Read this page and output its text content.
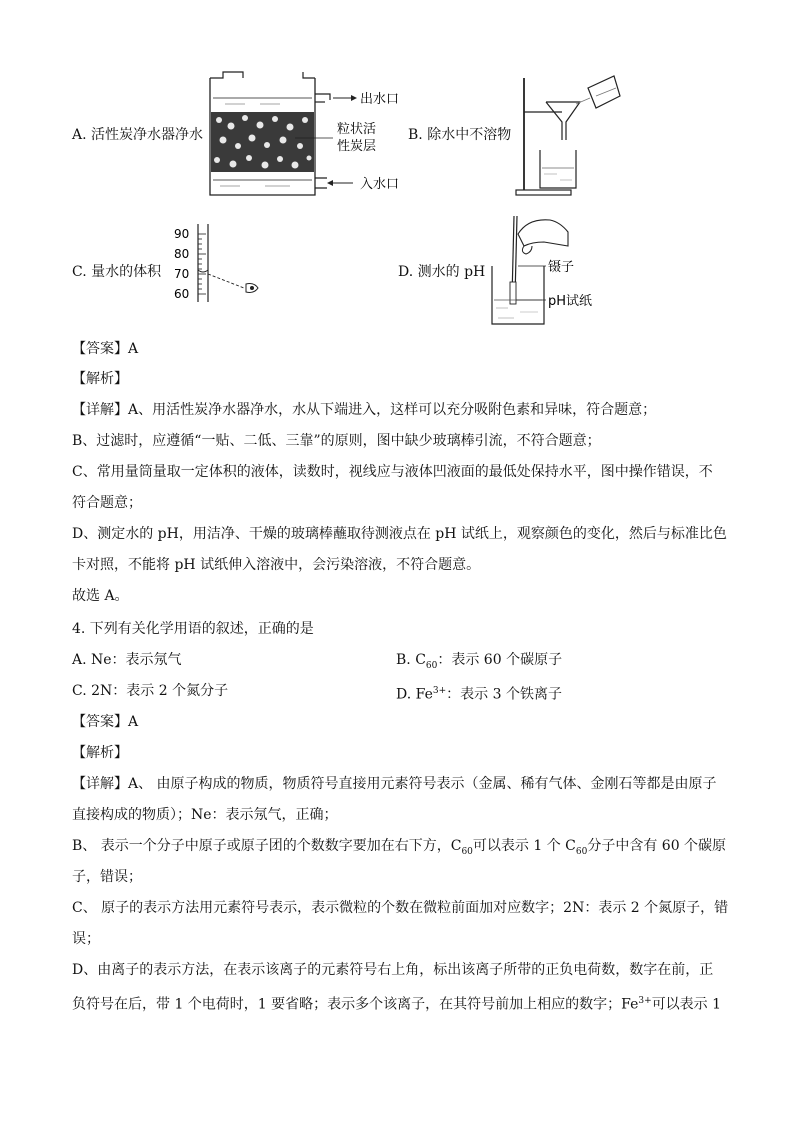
A. 活性炭净水器净水
出水口
粒状活
性炭层
入水口
B. 除水中不溶物
C. 量水的体积
90
80
70
60
D. 测水的 pH	镊子
pH试纸
【答案】A
【解析】
【详解】A、用活性炭净水器净水，水从下端进入，这样可以充分吸附色素和异味，符合题意；
B、过滤时，应遵循“一贴、二低、三靠”的原则，图中缺少玻璃棒引流，不符合题意；
C、常用量筒量取一定体积的液体，读数时，视线应与液体凹液面的最低处保持水平，图中操作错误，不
符合题意；
D、测定水的 pH，用洁净、干燥的玻璃棒蘸取待测液点在 pH 试纸上，观察颜色的变化，然后与标准比色
卡对照，不能将 pH 试纸伸入溶液中，会污染溶液，不符合题意。
故选 A。
4. 下列有关化学用语的叙述，正确的是
A. Ne：表示氖气	B. $C_{60}$：表示 60 个碳原子
C. 2N：表示 2 个氮分子	D. $Fe^{3+}$：表示 3 个铁离子
【答案】A
【解析】
【详解】A、 由原子构成的物质，物质符号直接用元素符号表示（金属、稀有气体、金刚石等都是由原子
直接构成的物质）；Ne：表示氖气，正确；
B、 表示一个分子中原子或原子团的个数数字要加在右下方，$C_{60}$可以表示 1 个 $C_{60}$分子中含有 60 个碳原
子，错误；
C、 原子的表示方法用元素符号表示，表示微粒的个数在微粒前面加对应数字；2N：表示 2 个氮原子，错
误；
D、由离子的表示方法，在表示该离子的元素符号右上角，标出该离子所带的正负电荷数，数字在前，正
负符号在后，带 1 个电荷时，1 要省略；表示多个该离子，在其符号前加上相应的数字；$Fe^{3+}$可以表示 1
